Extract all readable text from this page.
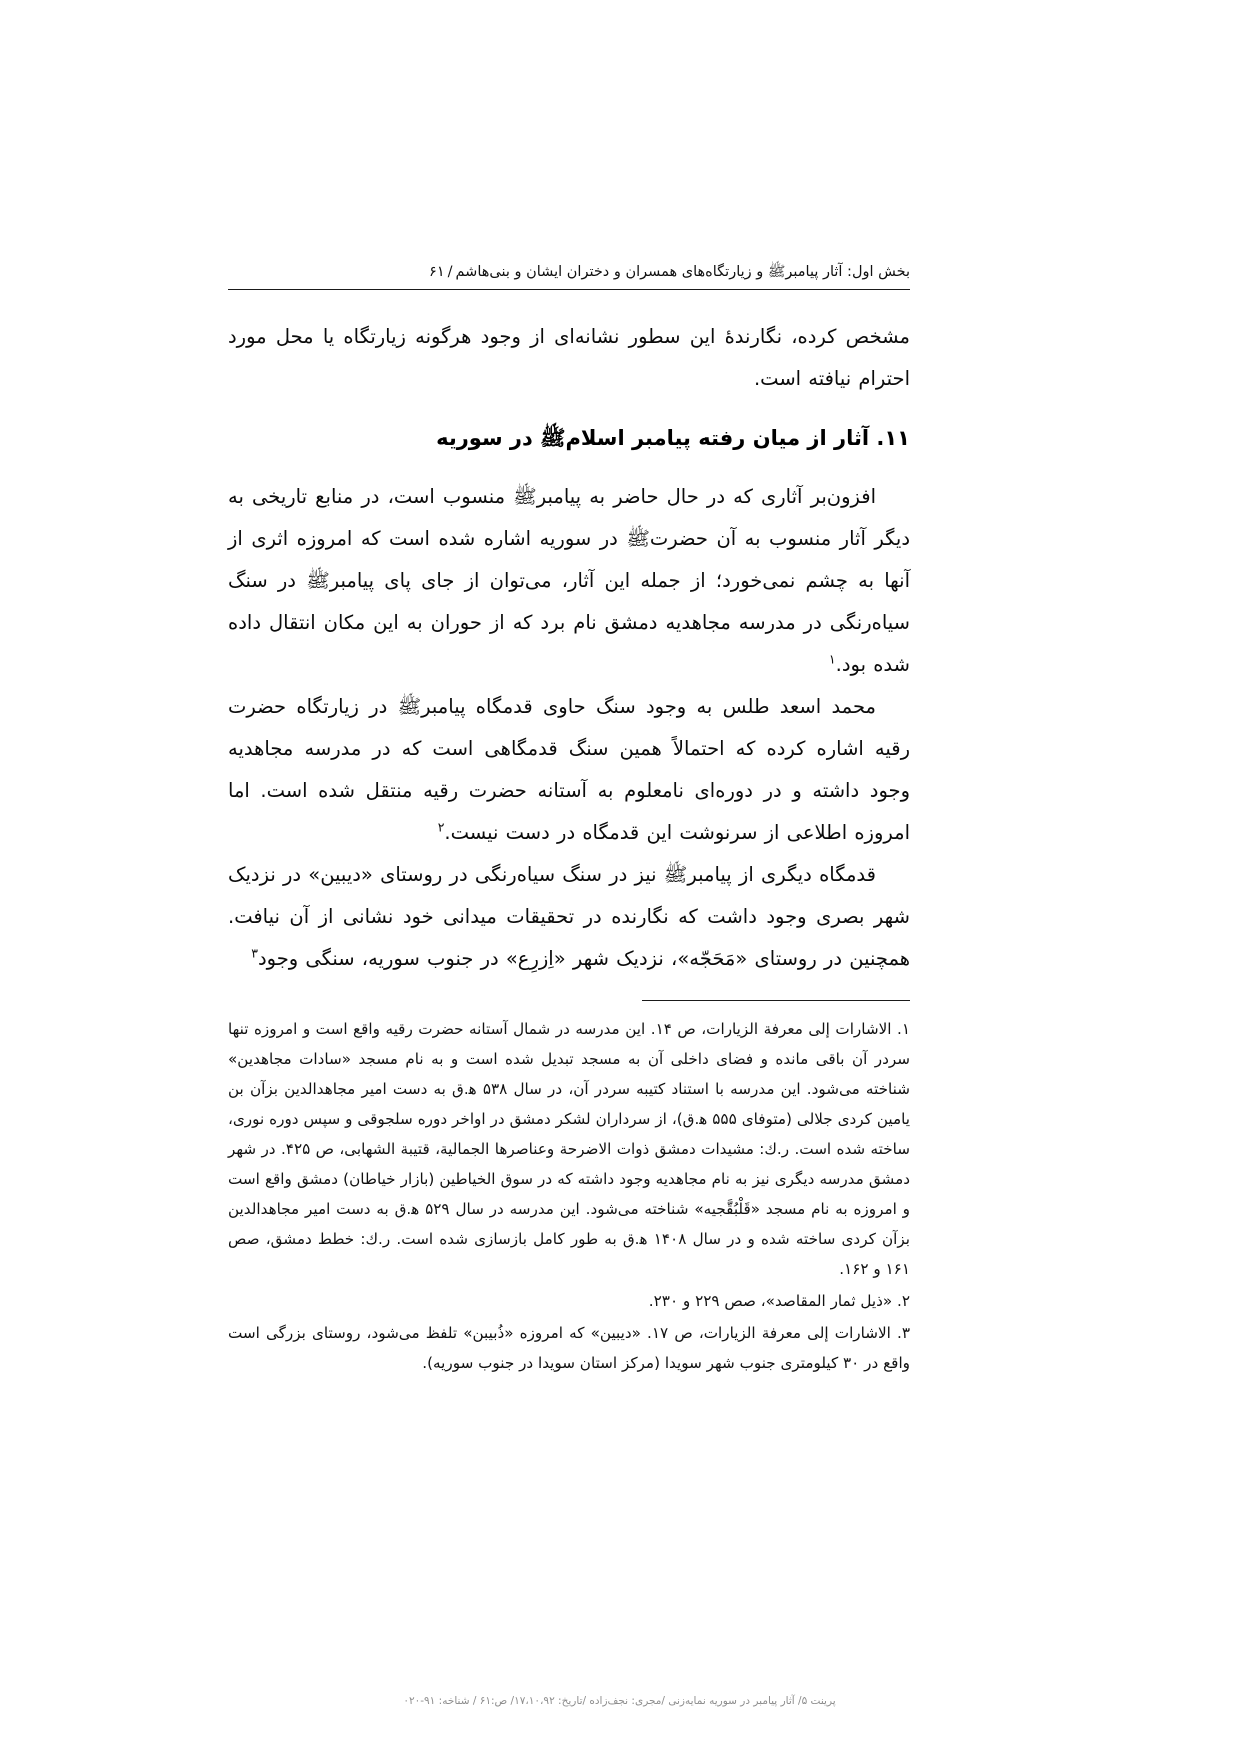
بخش اول: آثار پیامبرﷺ و زیارتگاه‌های همسران و دختران ایشان و بنی‌هاشم/۶۱

مشخص کرده، نگارندۀ این سطور نشانه‌ای از وجود هرگونه زیارتگاه یا محل مورد احترام نیافته است.

۱۱. آثار از میان رفته پیامبر اسلامﷺ در سوریه

افزون‌بر آثاری که در حال حاضر به پیامبرﷺ منسوب است، در منابع تاریخی به دیگر آثار منسوب به آن حضرتﷺ در سوریه اشاره شده است که امروزه اثری از آنها به چشم نمی‌خورد؛ از جمله این آثار، می‌توان از جای پای پیامبرﷺ در سنگ سیاه‌رنگی در مدرسه مجاهدیه دمشق نام برد که از حوران به این مکان انتقال داده شده بود.$^۱$

محمد اسعد طلس به وجود سنگ حاوی قدمگاه پیامبرﷺ در زیارتگاه حضرت رقیه اشاره کرده که احتمالاً همین سنگ قدمگاهی است که در مدرسه مجاهدیه وجود داشته و در دوره‌ای نامعلوم به آستانه حضرت رقیه منتقل شده است. اما امروزه اطلاعی از سرنوشت این قدمگاه در دست نیست.$^۲$

قدمگاه دیگری از پیامبرﷺ نیز در سنگ سیاه‌رنگی در روستای «دیبین» در نزدیک شهر بصری وجود داشت که نگارنده در تحقیقات میدانی خود نشانی از آن نیافت. همچنین در روستای «مَحَجّه»، نزدیک شهر «اِزرِع» در جنوب سوریه، سنگی وجود$^۳$

۱. الاشارات إلی معرفة الزیارات، ص ۱۴. این مدرسه در شمال آستانه حضرت رقیه واقع است و امروزه تنها سردر آن باقی مانده و فضای داخلی آن به مسجد تبدیل شده است و به نام مسجد «سادات مجاهدین» شناخته می‌شود. این مدرسه با استناد کتیبه سردر آن، در سال ۵۳۸ ه‍.ق به دست امیر مجاهدالدین بزآن بن یامین کردی جلالی (متوفای ۵۵۵ ه‍.ق)، از سرداران لشکر دمشق در اواخر دوره سلجوقی و سپس دوره نوری، ساخته شده است. ر.ك: مشیدات دمشق ذوات الاضرحة وعناصرها الجمالیة، قتیبة الشهابی، ص ۴۲۵. در شهر دمشق مدرسه دیگری نیز به نام مجاهدیه وجود داشته که در سوق الخیاطین (بازار خیاطان) دمشق واقع است و امروزه به نام مسجد «قَلْبُقَّجیه» شناخته می‌شود. این مدرسه در سال ۵۲۹ ه‍.ق به دست امیر مجاهدالدین بزآن کردی ساخته شده و در سال ۱۴۰۸ ه‍.ق به طور کامل بازسازی شده است. ر.ك: خطط دمشق، صص ۱۶۱ و ۱۶۲.

۲. «ذیل ثمار المقاصد»، صص ۲۲۹ و ۲۳۰.

۳. الاشارات إلی معرفة الزیارات، ص ۱۷. «دیبین» که امروزه «ذُبیبن» تلفظ می‌شود، روستای بزرگی است واقع در ۳۰ کیلومتری جنوب شهر سویدا (مرکز استان سویدا در جنوب سوریه).

پرینت ۵/ آثار پیامبر در سوریه نمایه‌زنی /مجری: نجف‌زاده /تاریخ: ۱۷،۱۰،۹۲/ ص:۶۱ / شناخه: ۹۱-۰۲۰
